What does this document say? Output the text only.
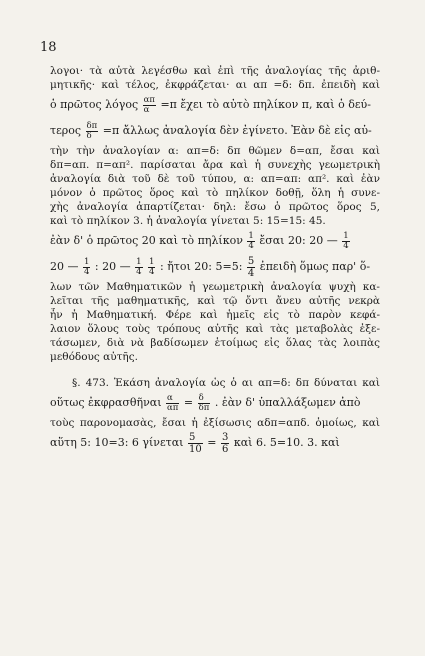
18
λογοι· τὰ αὐτὰ λεγέσθω καὶ ἐπὶ τῆς ἀναλογίας τῆς ἀριθ-
μητικῆς· καὶ τέλος, ἐκφράζεται· αι απ =δ: δπ. ἐπειδὴ καὶ
ὁ πρῶτος λόγος $\frac{\alpha\pi}{\alpha} =\pi$ ἔχει τὸ αὐτὸ πηλίκον π, καὶ ὁ δεύ-
τερος $\frac{\delta\pi}{\delta} =\pi$ ἄλλως ἀναλογία δὲν ἐγίνετο. Ἐὰν δὲ εἰς αὐ-
τὴν τὴν ἀναλογίαν α: απ=δ: δπ θῶμεν δ=απ, ἔσαι καὶ
δπ=απ. π=απ². παρίσαται ἄρα καὶ ἡ συνεχὴς γεωμετρικὴ
ἀναλογία διὰ τοῦ δὲ τοῦ τύπου, α: απ=απ: απ². καὶ ἐὰν
μόνον ὁ πρῶτος ὅρος καὶ τὸ πηλίκον δοθῇ, ὅλη ἡ συνε-
χὴς ἀναλογία ἀπαρτίζεται· δηλ: ἔσω ὁ πρῶτος ὅρος 5,
καὶ τὸ πηλίκον 3. ἡ ἀναλογία γίνεται 5: 15=15: 45.
ἐὰν δ' ὁ πρῶτος 20 καὶ τὸ πηλίκον $\frac{1}{4}$ ἔσαι 20: 20 — $\frac{1}{4}$
20 — $\frac{1}{4}$ : 20 — $\frac{1}{4}$
$\frac{1}{4}$ : ἤτοι 20: 5=5: $\frac{5}{4}$ ἐπειδὴ ὅμως παρ' ὅ-
λων τῶν Μαθηματικῶν ἡ γεωμετρικὴ ἀναλογία ψυχὴ κα-
λεῖται τῆς μαθηματικῆς, καὶ τῷ ὄντι ἄνευ αὐτῆς νεκρὰ
ἦν ἡ Μαθηματική. Φέρε καὶ ἡμεῖς εἰς τὸ παρὸν κεφά-
λαιον ὅλους τοὺς τρόπους αὐτῆς καὶ τὰς μεταβολὰς ἐξε-
τάσωμεν, διὰ νὰ βαδίσωμεν ἑτοίμως εἰς ὅλας τὰς λοιπὰς
μεθόδους αὐτῆς.
§. 473. Ἑκάση ἀναλογία ὡς ὁ αι απ=δ: δπ δύναται καὶ
οὕτως ἐκφρασθῆναι $\frac{\alpha}{\alpha\pi} = \frac{\delta}{\delta\pi}$ . ἐὰν δ' ὑπαλλάξωμεν ἀπὸ
τοὺς παρονομασὰς, ἔσαι ἡ ἐξίσωσις αδπ=απδ. ὁμοίως, καὶ
αὕτη 5: 10=3: 6 γίνεται $\frac{5}{10} = \frac{3}{6}$ καὶ 6. 5=10. 3. καὶ
